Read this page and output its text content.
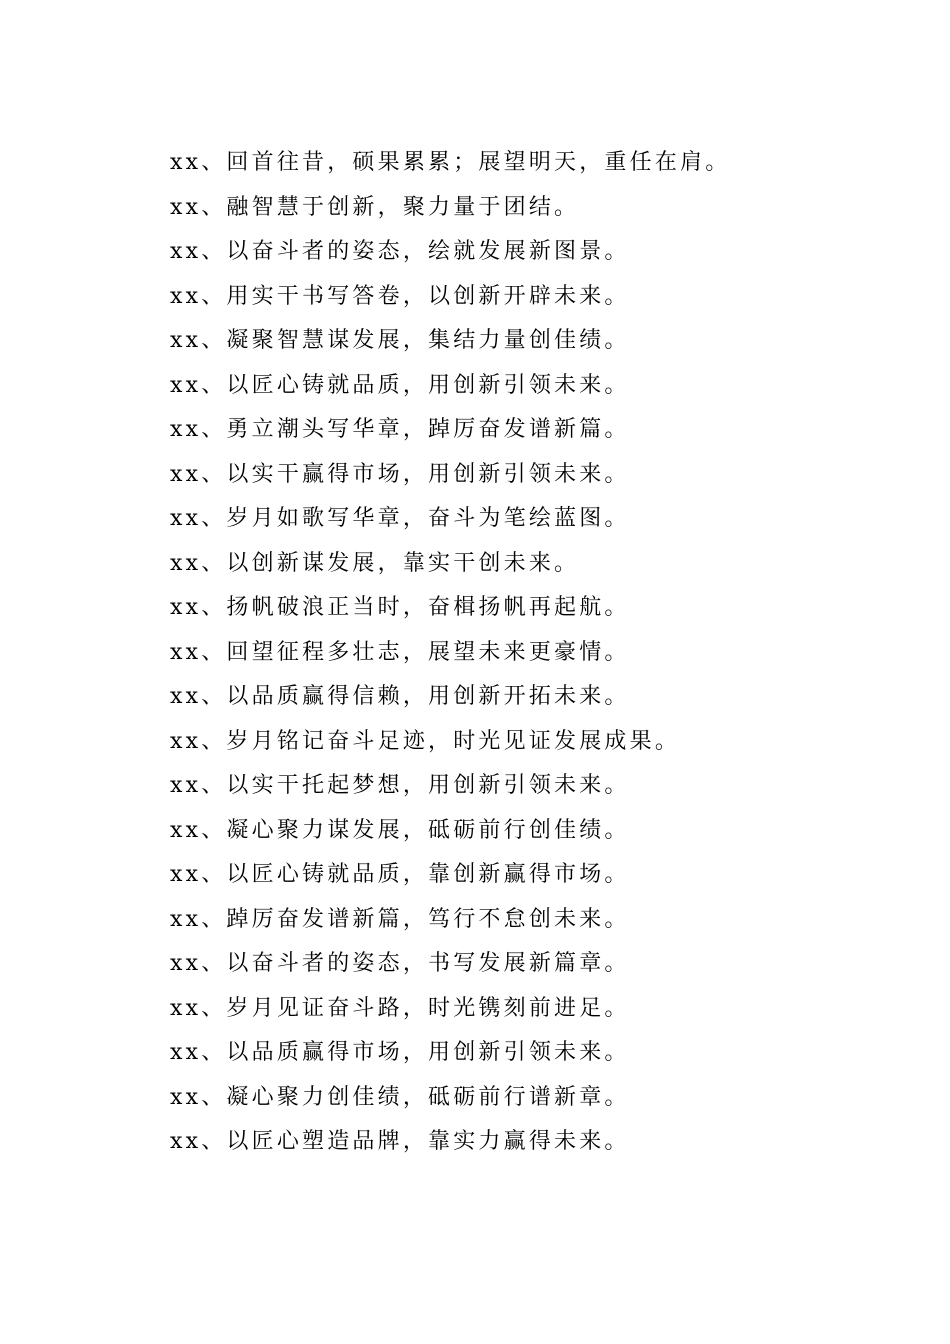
xx、回首往昔，硕果累累；展望明天，重任在肩。
xx、融智慧于创新，聚力量于团结。
xx、以奋斗者的姿态，绘就发展新图景。
xx、用实干书写答卷，以创新开辟未来。
xx、凝聚智慧谋发展，集结力量创佳绩。
xx、以匠心铸就品质，用创新引领未来。
xx、勇立潮头写华章，踔厉奋发谱新篇。
xx、以实干赢得市场，用创新引领未来。
xx、岁月如歌写华章，奋斗为笔绘蓝图。
xx、以创新谋发展，靠实干创未来。
xx、扬帆破浪正当时，奋楫扬帆再起航。
xx、回望征程多壮志，展望未来更豪情。
xx、以品质赢得信赖，用创新开拓未来。
xx、岁月铭记奋斗足迹，时光见证发展成果。
xx、以实干托起梦想，用创新引领未来。
xx、凝心聚力谋发展，砥砺前行创佳绩。
xx、以匠心铸就品质，靠创新赢得市场。
xx、踔厉奋发谱新篇，笃行不怠创未来。
xx、以奋斗者的姿态，书写发展新篇章。
xx、岁月见证奋斗路，时光镌刻前进足。
xx、以品质赢得市场，用创新引领未来。
xx、凝心聚力创佳绩，砥砺前行谱新章。
xx、以匠心塑造品牌，靠实力赢得未来。
